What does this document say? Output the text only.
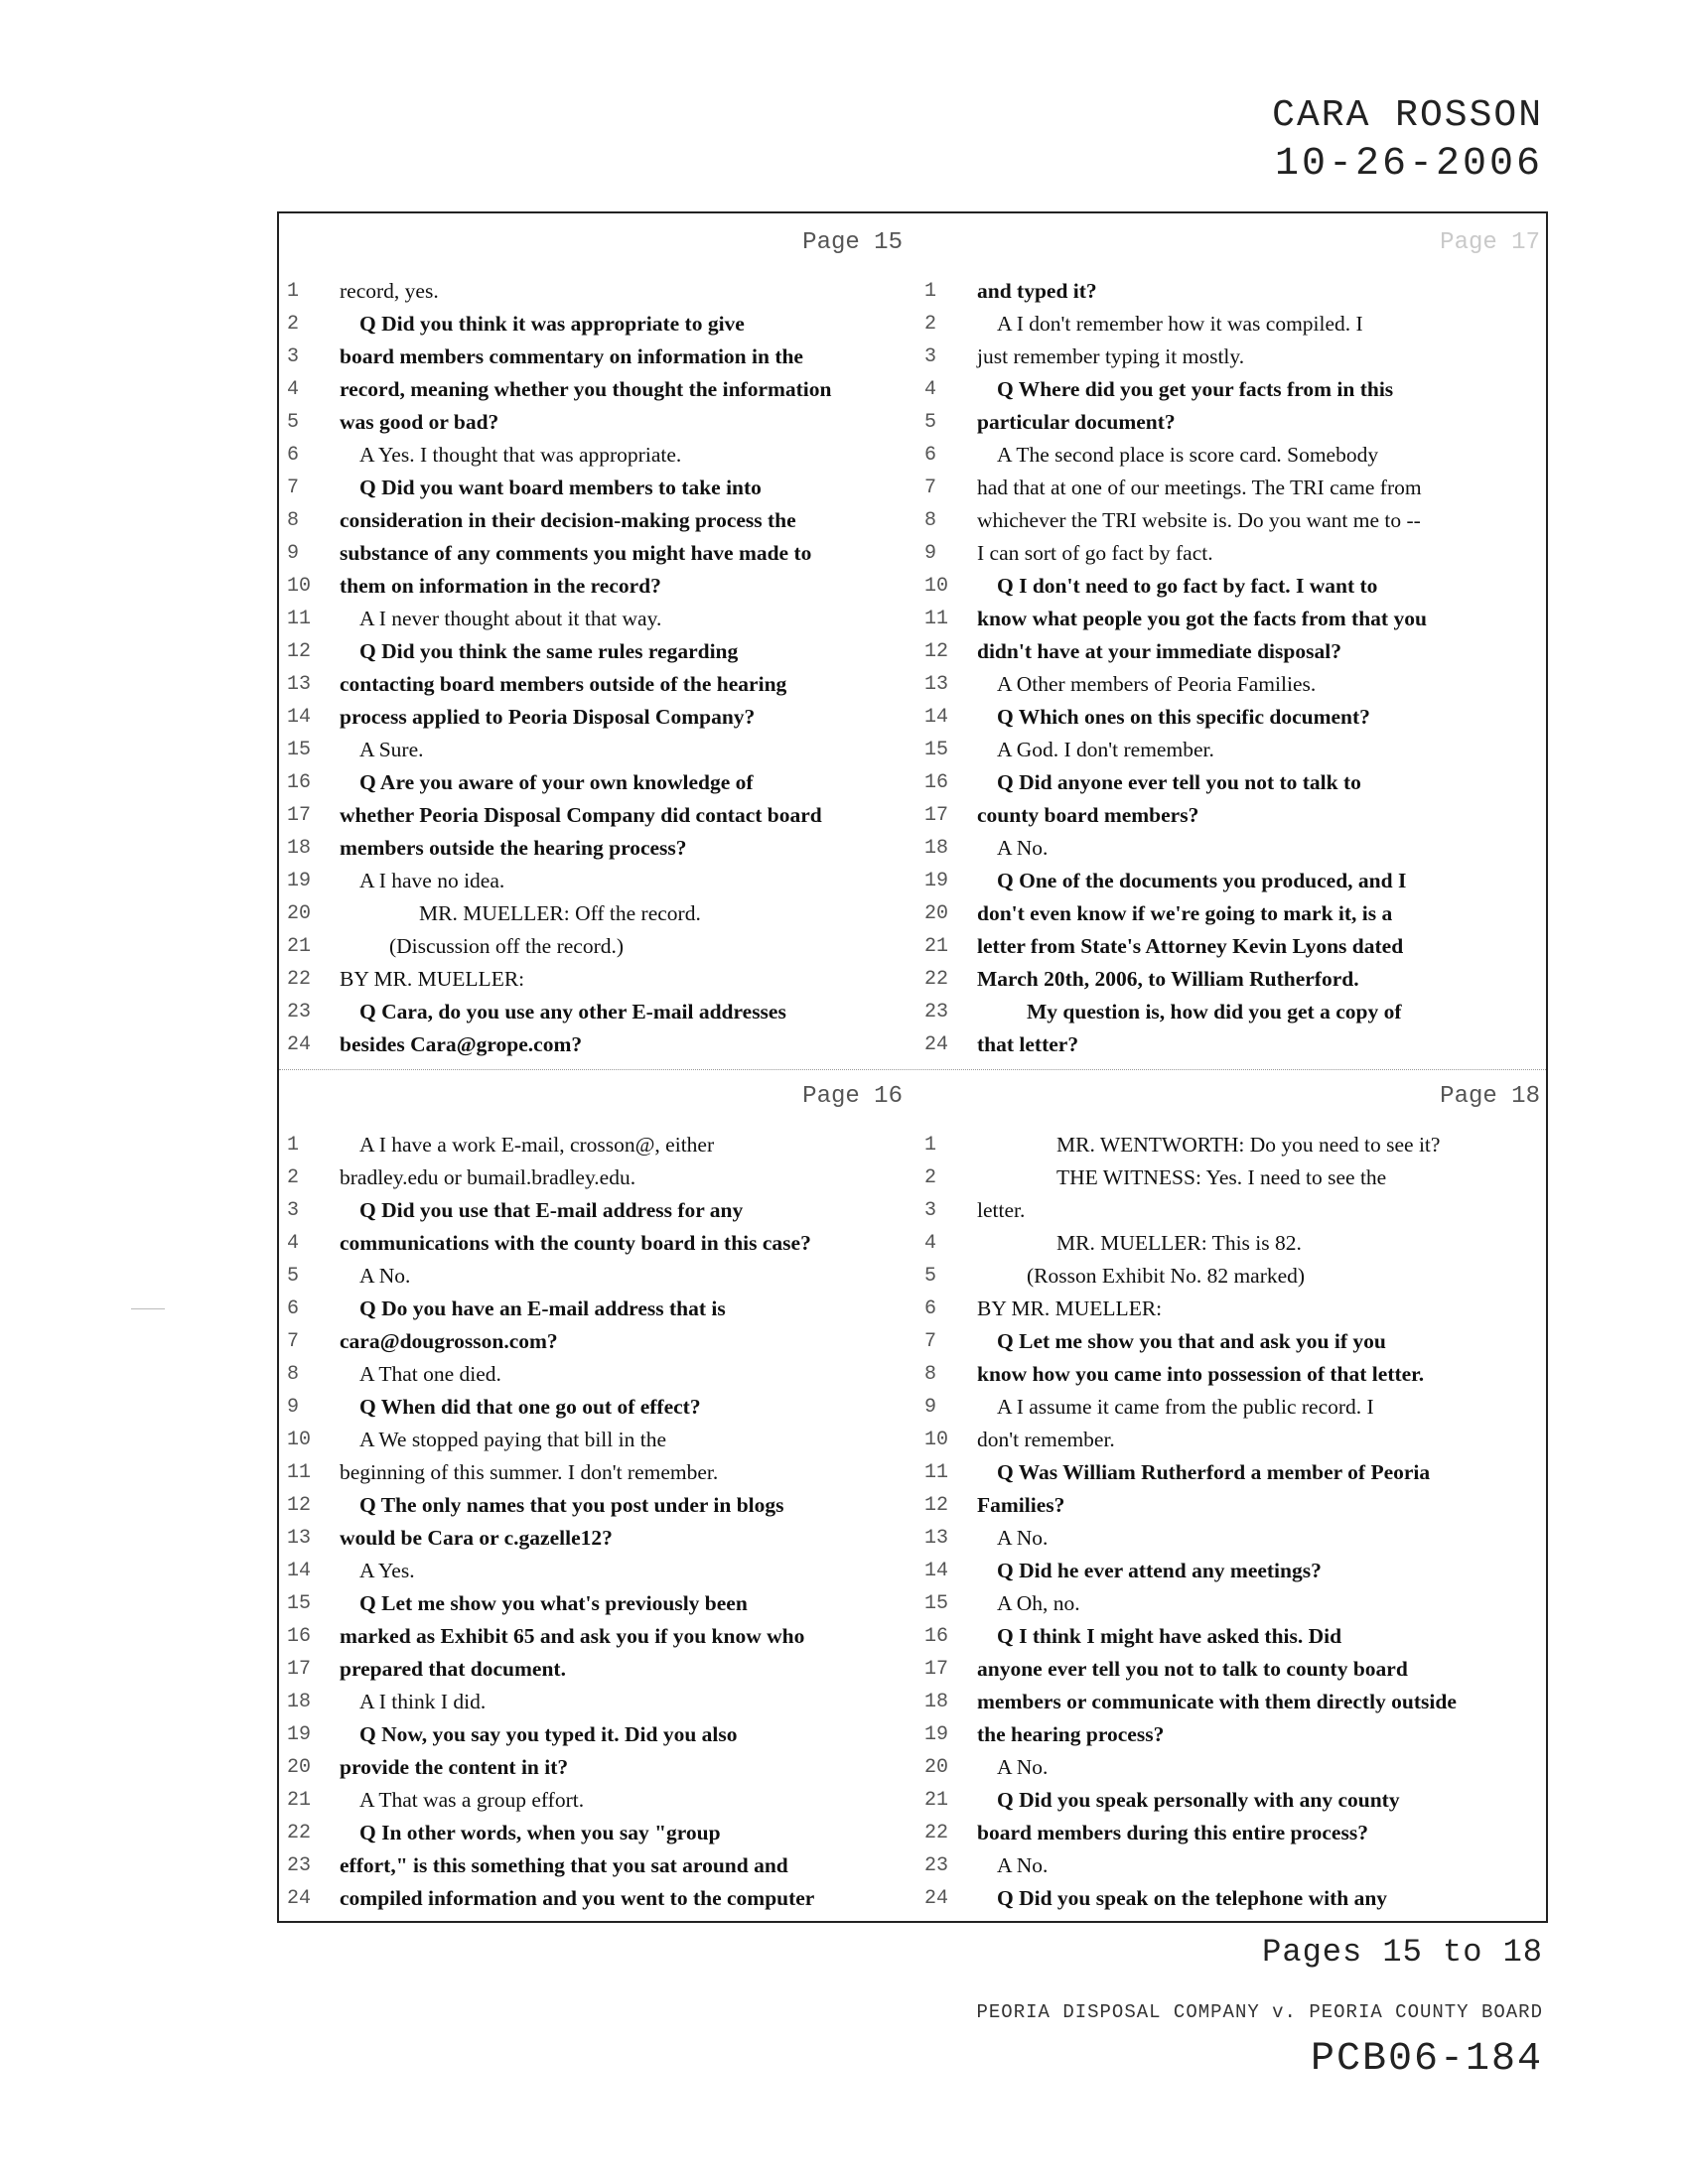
CARA ROSSON
10-26-2006
Page 15
1	record, yes.
2	Q Did you think it was appropriate to give
3	board members commentary on information in the
4	record, meaning whether you thought the information
5	was good or bad?
6	A Yes. I thought that was appropriate.
7	Q Did you want board members to take into
8	consideration in their decision-making process the
9	substance of any comments you might have made to
10 them on information in the record?
11	A I never thought about it that way.
12	Q Did you think the same rules regarding
13 contacting board members outside of the hearing
14 process applied to Peoria Disposal Company?
15	A Sure.
16	Q Are you aware of your own knowledge of
17 whether Peoria Disposal Company did contact board
18 members outside the hearing process?
19	A I have no idea.
20	MR. MUELLER: Off the record.
21	(Discussion off the record.)
22 BY MR. MUELLER:
23	Q Cara, do you use any other E-mail addresses
24 besides Cara@grope.com?
Page 17
1	and typed it?
2	A I don't remember how it was compiled. I
3	just remember typing it mostly.
4	Q Where did you get your facts from in this
5	particular document?
6	A The second place is score card. Somebody
7	had that at one of our meetings. The TRI came from
8	whichever the TRI website is. Do you want me to --
9	I can sort of go fact by fact.
10	Q I don't need to go fact by fact. I want to
11 know what people you got the facts from that you
12 didn't have at your immediate disposal?
13	A Other members of Peoria Families.
14	Q Which ones on this specific document?
15	A God. I don't remember.
16	Q Did anyone ever tell you not to talk to
17 county board members?
18	A No.
19	Q One of the documents you produced, and I
20 don't even know if we're going to mark it, is a
21 letter from State's Attorney Kevin Lyons dated
22 March 20th, 2006, to William Rutherford.
23	My question is, how did you get a copy of
24 that letter?
Page 16
1	A I have a work E-mail, crosson@, either
2	bradley.edu or bumail.bradley.edu.
3	Q Did you use that E-mail address for any
4	communications with the county board in this case?
5	A No.
6	Q Do you have an E-mail address that is
7	cara@dougrosson.com?
8	A That one died.
9	Q When did that one go out of effect?
10	A We stopped paying that bill in the
11 beginning of this summer. I don't remember.
12	Q The only names that you post under in blogs
13 would be Cara or c.gazelle12?
14	A Yes.
15	Q Let me show you what's previously been
16 marked as Exhibit 65 and ask you if you know who
17 prepared that document.
18	A I think I did.
19	Q Now, you say you typed it. Did you also
20 provide the content in it?
21	A That was a group effort.
22	Q In other words, when you say "group
23 effort," is this something that you sat around and
24 compiled information and you went to the computer
Page 18
1	MR. WENTWORTH: Do you need to see it?
2	THE WITNESS: Yes. I need to see the
3	letter.
4	MR. MUELLER: This is 82.
5	(Rosson Exhibit No. 82 marked)
6	BY MR. MUELLER:
7	Q Let me show you that and ask you if you
8	know how you came into possession of that letter.
9	A I assume it came from the public record. I
10 don't remember.
11	Q Was William Rutherford a member of Peoria
12 Families?
13	A No.
14	Q Did he ever attend any meetings?
15	A Oh, no.
16	Q I think I might have asked this. Did
17 anyone ever tell you not to talk to county board
18 members or communicate with them directly outside
19 the hearing process?
20	A No.
21	Q Did you speak personally with any county
22 board members during this entire process?
23	A No.
24	Q Did you speak on the telephone with any
Pages 15 to 18
PEORIA DISPOSAL COMPANY v. PEORIA COUNTY BOARD
PCB06-184
